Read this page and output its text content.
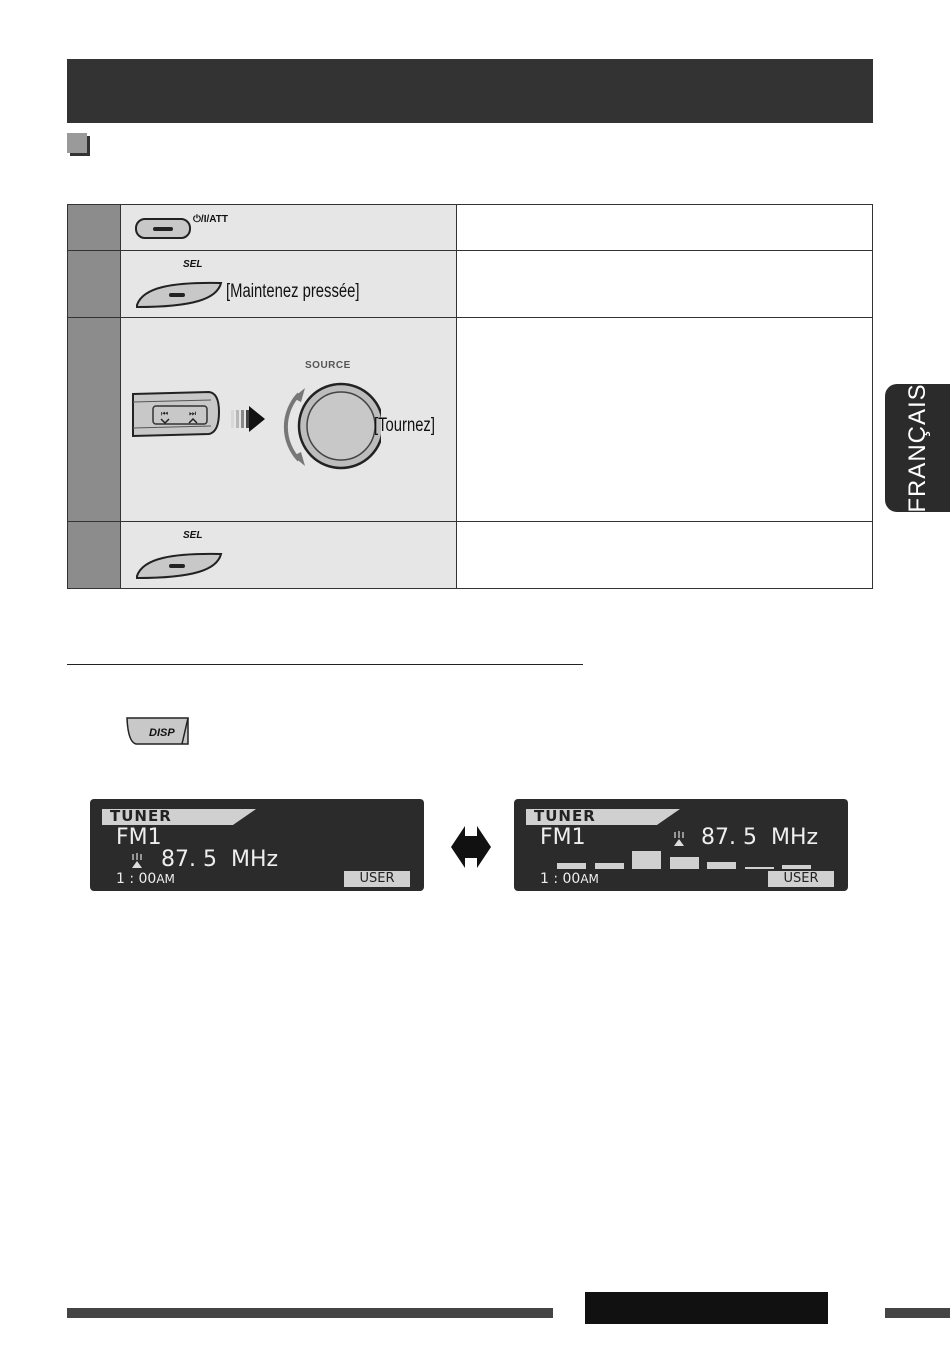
	⏻/I/ATT	

	SEL
[Maintenez pressée]	

⏮ ⏭
SOURCE
[Tournez]	

	SEL	

DISP
TUNER
FM1
87. 5  MHz
1 : 00AM	USER
TUNER
FM1	87. 5  MHz
1 : 00AM	USER
FRANÇAIS
